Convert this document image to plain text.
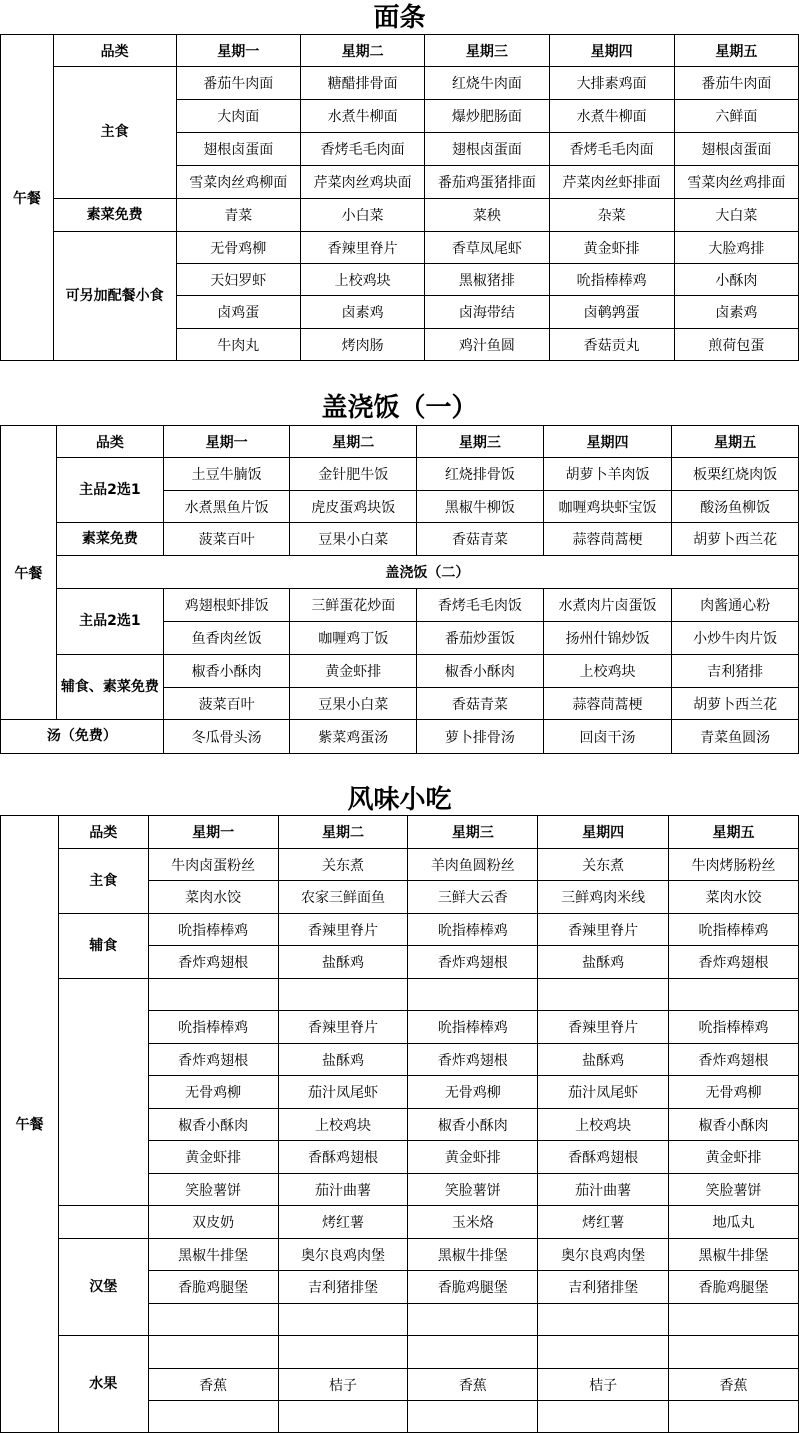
面条
午餐	品类	星期一	星期二	星期三	星期四	星期五
	主食	番茄牛肉面	糖醋排骨面	红烧牛肉面	大排素鸡面	番茄牛肉面
		大肉面	水煮牛柳面	爆炒肥肠面	水煮牛柳面	六鲜面
		翅根卤蛋面	香烤毛毛肉面	翅根卤蛋面	香烤毛毛肉面	翅根卤蛋面
		雪菜肉丝鸡柳面	芹菜肉丝鸡块面	番茄鸡蛋猪排面	芹菜肉丝虾排面	雪菜肉丝鸡排面
	素菜免费	青菜	小白菜	菜秧	杂菜	大白菜
	可另加配餐小食	无骨鸡柳	香辣里脊片	香草凤尾虾	黄金虾排	大脸鸡排
		天妇罗虾	上校鸡块	黑椒猪排	吮指棒棒鸡	小酥肉
		卤鸡蛋	卤素鸡	卤海带结	卤鹌鹑蛋	卤素鸡
		牛肉丸	烤肉肠	鸡汁鱼圆	香菇贡丸	煎荷包蛋
盖浇饭（一）
午餐	品类	星期一	星期二	星期三	星期四	星期五
	主品2选1	土豆牛腩饭	金针肥牛饭	红烧排骨饭	胡萝卜羊肉饭	板栗红烧肉饭
		水煮黑鱼片饭	虎皮蛋鸡块饭	黑椒牛柳饭	咖喱鸡块虾宝饭	酸汤鱼柳饭
	素菜免费	菠菜百叶	豆果小白菜	香菇青菜	蒜蓉茼蒿梗	胡萝卜西兰花
	盖浇饭（二）					
	主品2选1	鸡翅根虾排饭	三鲜蛋花炒面	香烤毛毛肉饭	水煮肉片卤蛋饭	肉酱通心粉
		鱼香肉丝饭	咖喱鸡丁饭	番茄炒蛋饭	扬州什锦炒饭	小炒牛肉片饭
	辅食、素菜免费	椒香小酥肉	黄金虾排	椒香小酥肉	上校鸡块	吉利猪排
		菠菜百叶	豆果小白菜	香菇青菜	蒜蓉茼蒿梗	胡萝卜西兰花
汤（免费）		冬瓜骨头汤	紫菜鸡蛋汤	萝卜排骨汤	回卤干汤	青菜鱼圆汤
风味小吃
午餐	品类	星期一	星期二	星期三	星期四	星期五
	主食	牛肉卤蛋粉丝	关东煮	羊肉鱼圆粉丝	关东煮	牛肉烤肠粉丝
		菜肉水饺	农家三鲜面鱼	三鲜大云香	三鲜鸡肉米线	菜肉水饺
	辅食	吮指棒棒鸡	香辣里脊片	吮指棒棒鸡	香辣里脊片	吮指棒棒鸡
		香炸鸡翅根	盐酥鸡	香炸鸡翅根	盐酥鸡	香炸鸡翅根

		吮指棒棒鸡	香辣里脊片	吮指棒棒鸡	香辣里脊片	吮指棒棒鸡
		香炸鸡翅根	盐酥鸡	香炸鸡翅根	盐酥鸡	香炸鸡翅根
		无骨鸡柳	茄汁凤尾虾	无骨鸡柳	茄汁凤尾虾	无骨鸡柳
		椒香小酥肉	上校鸡块	椒香小酥肉	上校鸡块	椒香小酥肉
		黄金虾排	香酥鸡翅根	黄金虾排	香酥鸡翅根	黄金虾排
		笑脸薯饼	茄汁曲薯	笑脸薯饼	茄汁曲薯	笑脸薯饼
		双皮奶	烤红薯	玉米烙	烤红薯	地瓜丸
	汉堡	黑椒牛排堡	奥尔良鸡肉堡	黑椒牛排堡	奥尔良鸡肉堡	黑椒牛排堡
		香脆鸡腿堡	吉利猪排堡	香脆鸡腿堡	吉利猪排堡	香脆鸡腿堡

	水果					
		香蕉	桔子	香蕉	桔子	香蕉
